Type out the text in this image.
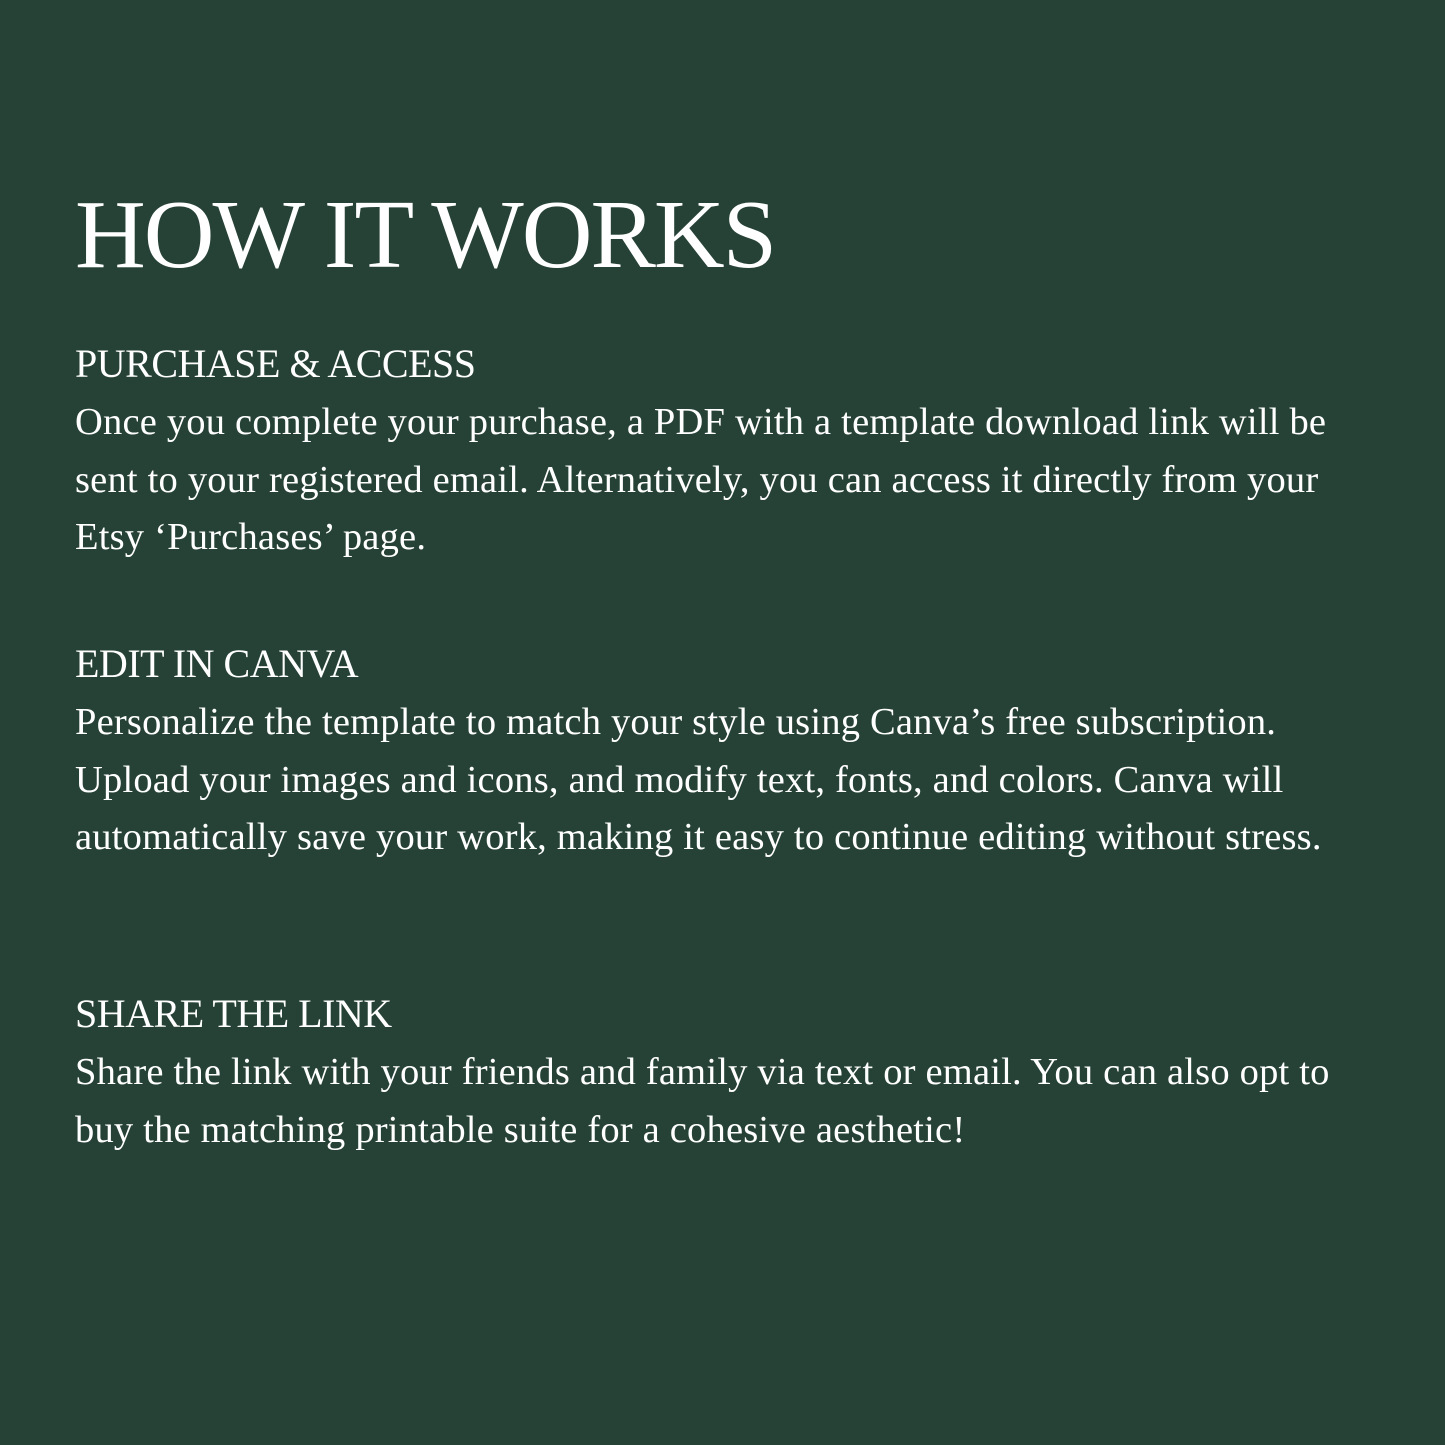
HOW IT WORKS
PURCHASE & ACCESS

Once you complete your purchase, a PDF with a template download link will be sent to your registered email. Alternatively, you can access it directly from your Etsy ‘Purchases’ page.

EDIT IN CANVA

Personalize the template to match your style using Canva’s free subscription. Upload your images and icons, and modify text, fonts, and colors. Canva will automatically save your work, making it easy to continue editing without stress.

SHARE THE LINK

Share the link with your friends and family via text or email. You can also opt to buy the matching printable suite for a cohesive aesthetic!
